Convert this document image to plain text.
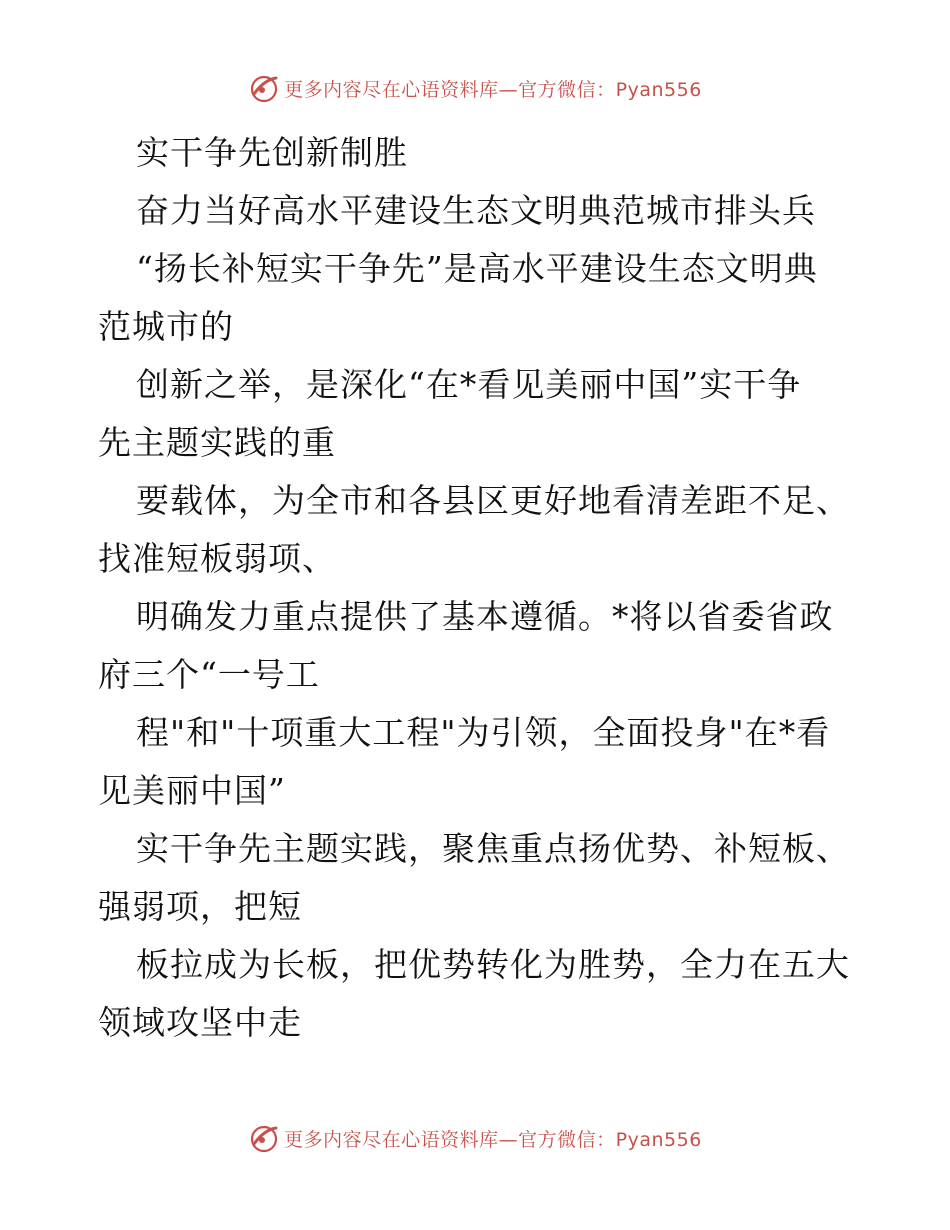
更多内容尽在心语资料库—官方微信：Pyan556

实干争先创新制胜

奋力当好高水平建设生态文明典范城市排头兵

“扬长补短实干争先”是高水平建设生态文明典

范城市的

创新之举，是深化“在*看见美丽中国”实干争

先主题实践的重

要载体，为全市和各县区更好地看清差距不足、

找准短板弱项、

明确发力重点提供了基本遵循。*将以省委省政

府三个“一号工

程"和"十项重大工程"为引领，全面投身"在*看

见美丽中国”

实干争先主题实践，聚焦重点扬优势、补短板、

强弱项，把短

板拉成为长板，把优势转化为胜势，全力在五大

领域攻坚中走

更多内容尽在心语资料库—官方微信：Pyan556
